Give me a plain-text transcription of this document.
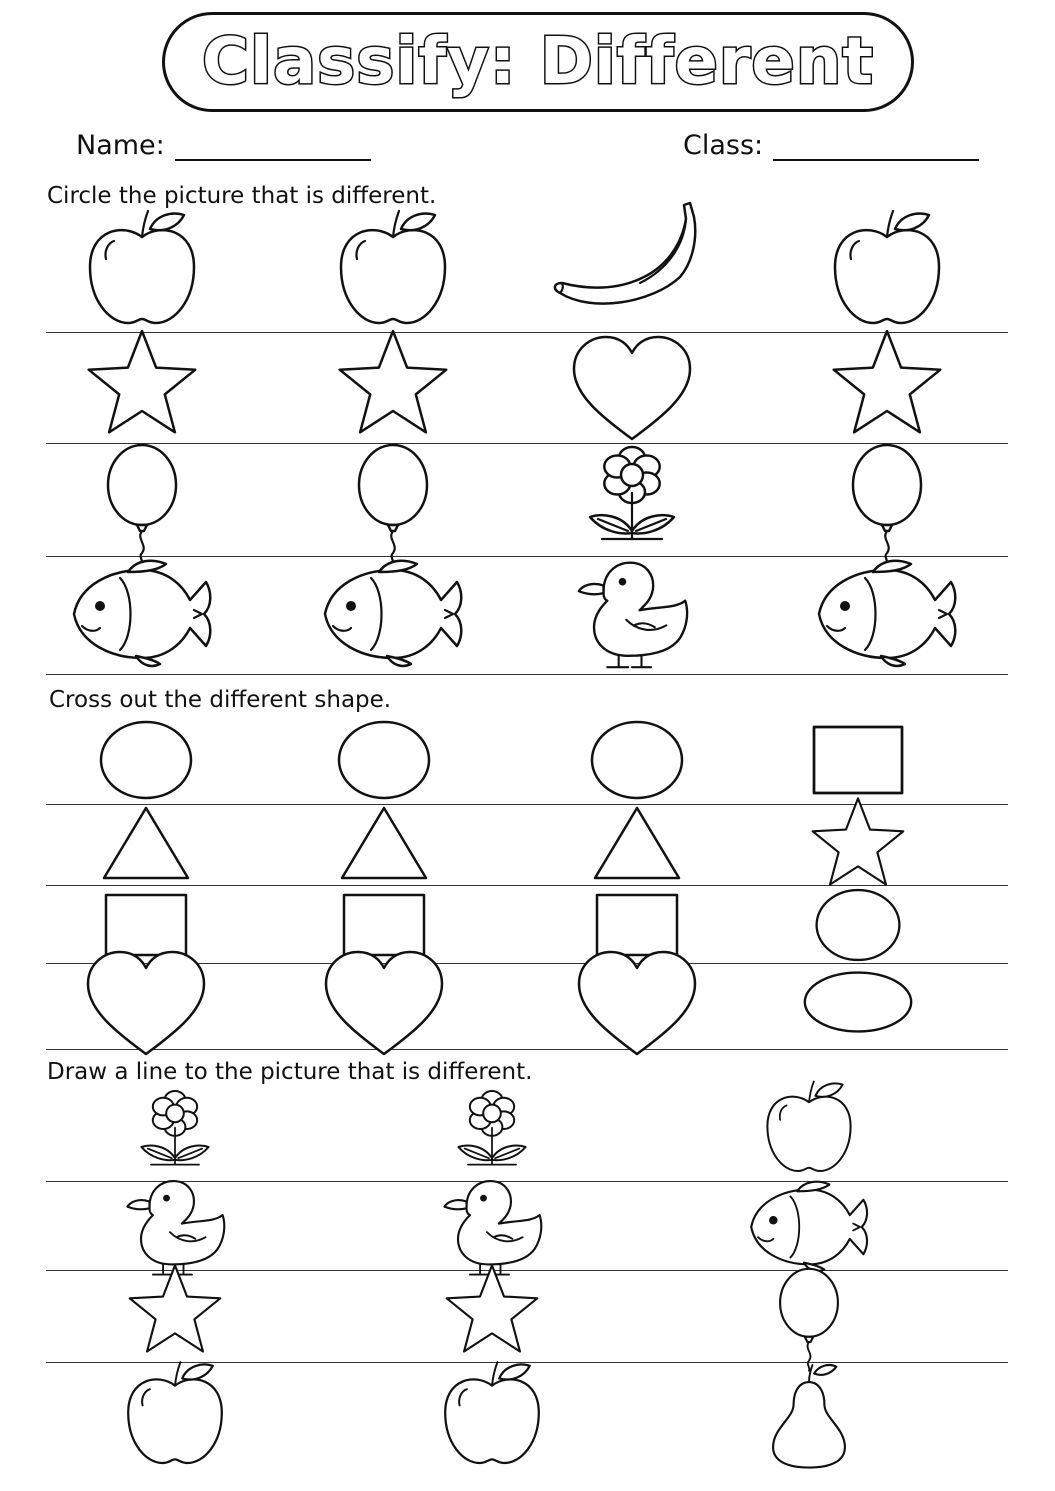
Classify: Different
Name:	Class:
Circle the picture that is different.
Cross out the different shape.
Draw a line to the picture that is different.
